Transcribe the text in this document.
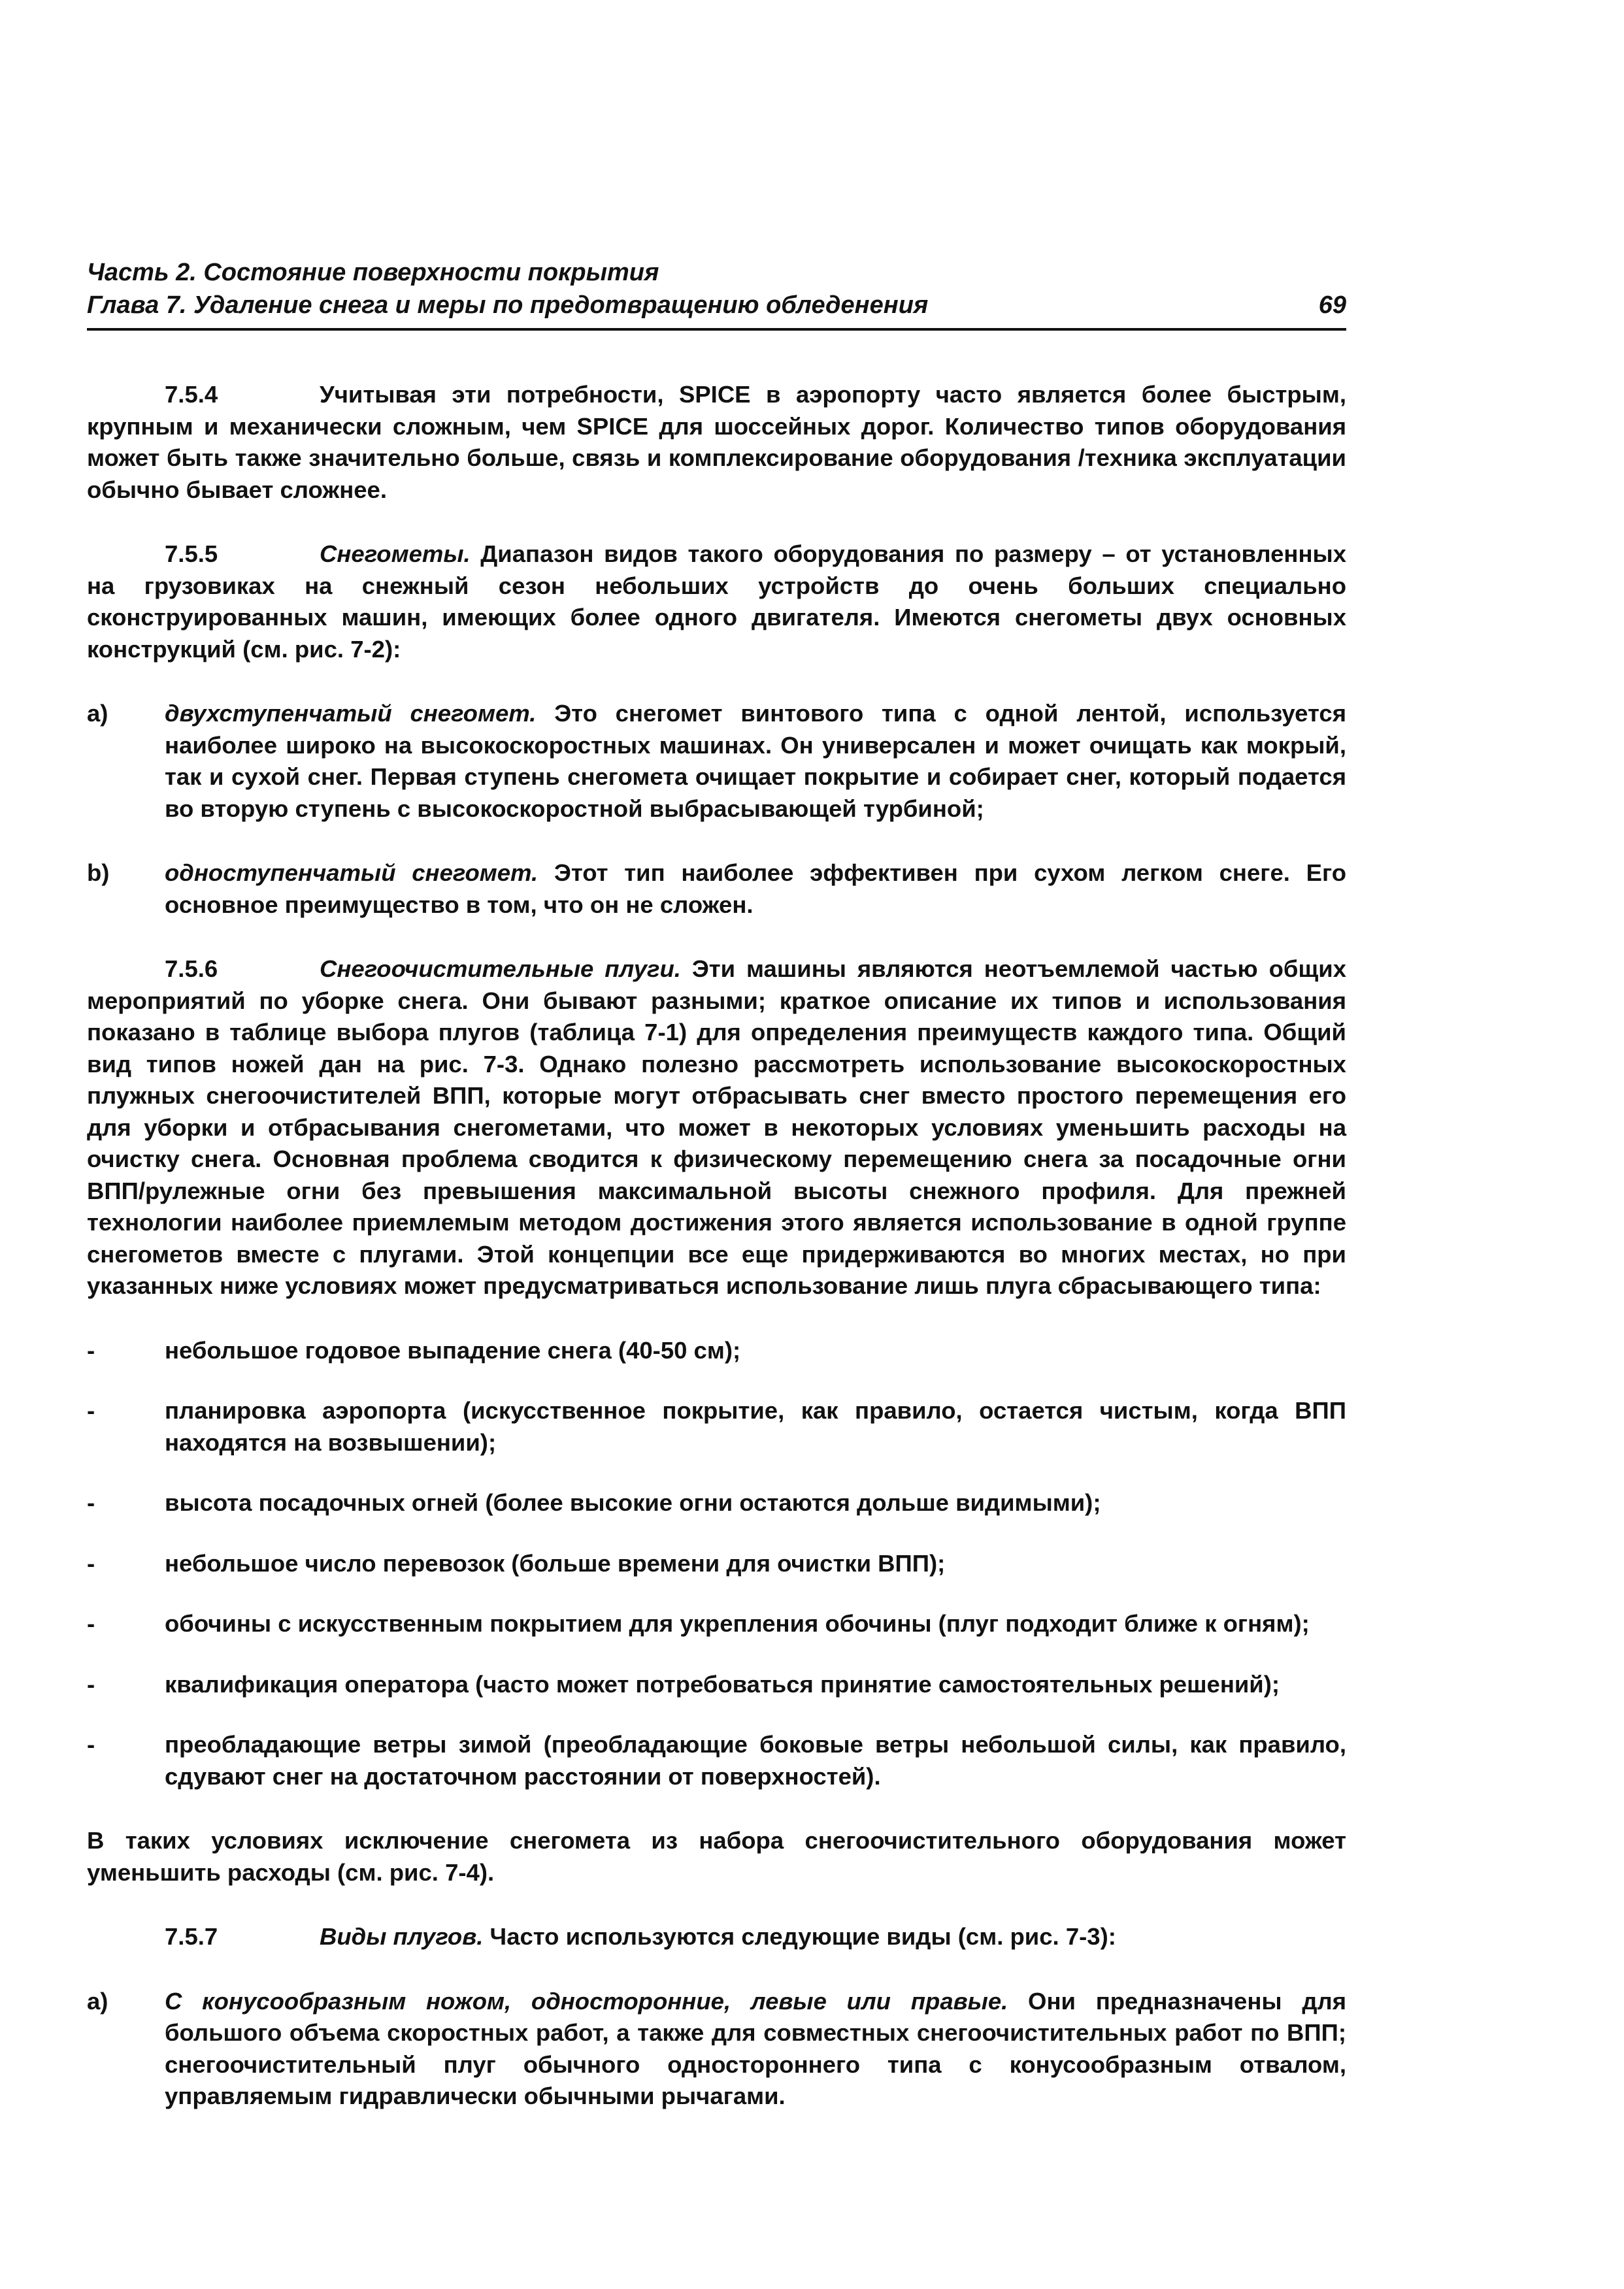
Часть 2. Состояние поверхности покрытия
Глава 7. Удаление снега и меры по предотвращению обледенения	69

7.5.4	Учитывая эти потребности, SPICE в аэропорту часто является более быстрым, крупным и механически сложным, чем SPICE для шоссейных дорог. Количество типов оборудования может быть также значительно больше, связь и комплексирование оборудования /техника эксплуатации обычно бывает сложнее.

7.5.5	Снегометы. Диапазон видов такого оборудования по размеру – от установленных на грузовиках на снежный сезон небольших устройств до очень больших специально сконструированных машин, имеющих более одного двигателя. Имеются снегометы двух основных конструкций (см. рис. 7-2):

a)	двухступенчатый снегомет. Это снегомет винтового типа с одной лентой, используется наиболее широко на высокоскоростных машинах. Он универсален и может очищать как мокрый, так и сухой снег. Первая ступень снегомета очищает покрытие и собирает снег, который подается во вторую ступень с высокоскоростной выбрасывающей турбиной;
b)	одноступенчатый снегомет. Этот тип наиболее эффективен при сухом легком снеге. Его основное преимущество в том, что он не сложен.

7.5.6	Снегоочистительные плуги. Эти машины являются неотъемлемой частью общих мероприятий по уборке снега. Они бывают разными; краткое описание их типов и использования показано в таблице выбора плугов (таблица 7-1) для определения преимуществ каждого типа. Общий вид типов ножей дан на рис. 7-3. Однако полезно рассмотреть использование высокоскоростных плужных снегоочистителей ВПП, которые могут отбрасывать снег вместо простого перемещения его для уборки и отбрасывания снегометами, что может в некоторых условиях уменьшить расходы на очистку снега. Основная проблема сводится к физическому перемещению снега за посадочные огни ВПП/рулежные огни без превышения максимальной высоты снежного профиля. Для прежней технологии наиболее приемлемым методом достижения этого является использование в одной группе снегометов вместе с плугами. Этой концепции все еще придерживаются во многих местах, но при указанных ниже условиях может предусматриваться использование лишь плуга сбрасывающего типа:

-	небольшое годовое выпадение снега (40-50 см);
-	планировка аэропорта (искусственное покрытие, как правило, остается чистым, когда ВПП находятся на возвышении);
-	высота посадочных огней (более высокие огни остаются дольше видимыми);
-	небольшое число перевозок (больше времени для очистки ВПП);
-	обочины с искусственным покрытием для укрепления обочины (плуг подходит ближе к огням);
-	квалификация оператора (часто может потребоваться принятие самостоятельных решений);
-	преобладающие ветры зимой (преобладающие боковые ветры небольшой силы, как правило, сдувают снег на достаточном расстоянии от поверхностей).

В таких условиях исключение снегомета из набора снегоочистительного оборудования может уменьшить расходы (см. рис. 7-4).

7.5.7	Виды плугов. Часто используются следующие виды (см. рис. 7-3):

a)	С конусообразным ножом, односторонние, левые или правые. Они предназначены для большого объема скоростных работ, а также для совместных снегоочистительных работ по ВПП; снегоочистительный плуг обычного одностороннего типа с конусообразным отвалом, управляемым гидравлически обычными рычагами.
